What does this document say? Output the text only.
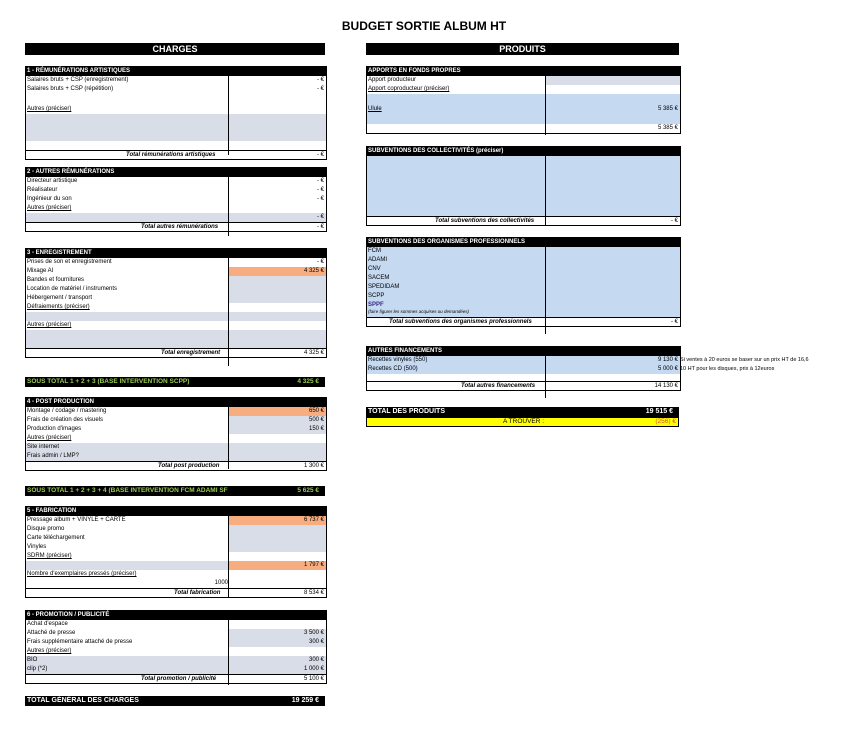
BUDGET SORTIE ALBUM HT
CHARGES	PRODUITS
1 - RÉMUNÉRATIONS ARTISTIQUES
Salaires bruts + CSP (enregistrement)	- €
Salaires bruts + CSP (répétition)	- €
Autres (préciser)
Total rémunérations artistiques	- €
2 - AUTRES RÉMUNÉRATIONS
Directeur artistique	- €
Réalisateur	- €
Ingénieur du son	- €
Autres (préciser)
- €
Total autres rémunérations	- €
3 - ENREGISTREMENT
Prises de son et enregistrement	- €
Mixage AI	4 325 €
Bandes et fournitures
Location de matériel / instruments
Hébergement / transport
Défraiements (préciser)
Autres (préciser)
Total enregistrement	4 325 €
SOUS TOTAL 1 + 2 + 3 (BASE INTERVENTION SCPP)	4 325 €
4 - POST PRODUCTION
Montage / codage / mastering	650 €
Frais de création des visuels	500 €
Production d'images	150 €
Autres (préciser)
Site internet
Frais admin / LMP?
Total post production	1 300 €
SOUS TOTAL 1 + 2 + 3 + 4 (BASE INTERVENTION FCM ADAMI SF	5 625 €
5 - FABRICATION
Pressage album + VINYLE + CARTE	6 737 €
Disque promo
Carte téléchargement
Vinyles
SDRM (préciser)
1 797 €
Nombre d'exemplaires pressés (préciser)
1000
Total fabrication	8 534 €
6 - PROMOTION / PUBLICITÉ
Achat d'espace
Attaché de presse	3 500 €
Frais supplémentaire attaché de presse	300 €
Autres (préciser)
BIO	300 €
clip (*2)	1 000 €
Total promotion / publicité	5 100 €
TOTAL GÉNÉRAL DES CHARGES	19 259 €
APPORTS EN FONDS PROPRES
Apport producteur
Apport coproducteur (préciser)
Ulule	5 385 €
5 385 €
SUBVENTIONS DES COLLECTIVITÉS (préciser)
Total subventions des collectivités	- €
SUBVENTIONS DES ORGANISMES PROFESSIONNELS
FCM
ADAMI
CNV
SACEM
SPEDIDAM
SCPP
SPPF
(faire figurer les sommes acquises ou demandées)
Total subventions des organismes professionnels	- €
AUTRES FINANCEMENTS
Recettes vinyles (550)	9 130 €
Recettes CD (500)	5 000 €
Total autres financements	14 130 €
Si ventes à 20 euros se baser sur un prix HT de 16,6
10 HT pour les disques, prix à 12euros
TOTAL DES PRODUITS	19 515 €
A TROUVER :	(256) €
